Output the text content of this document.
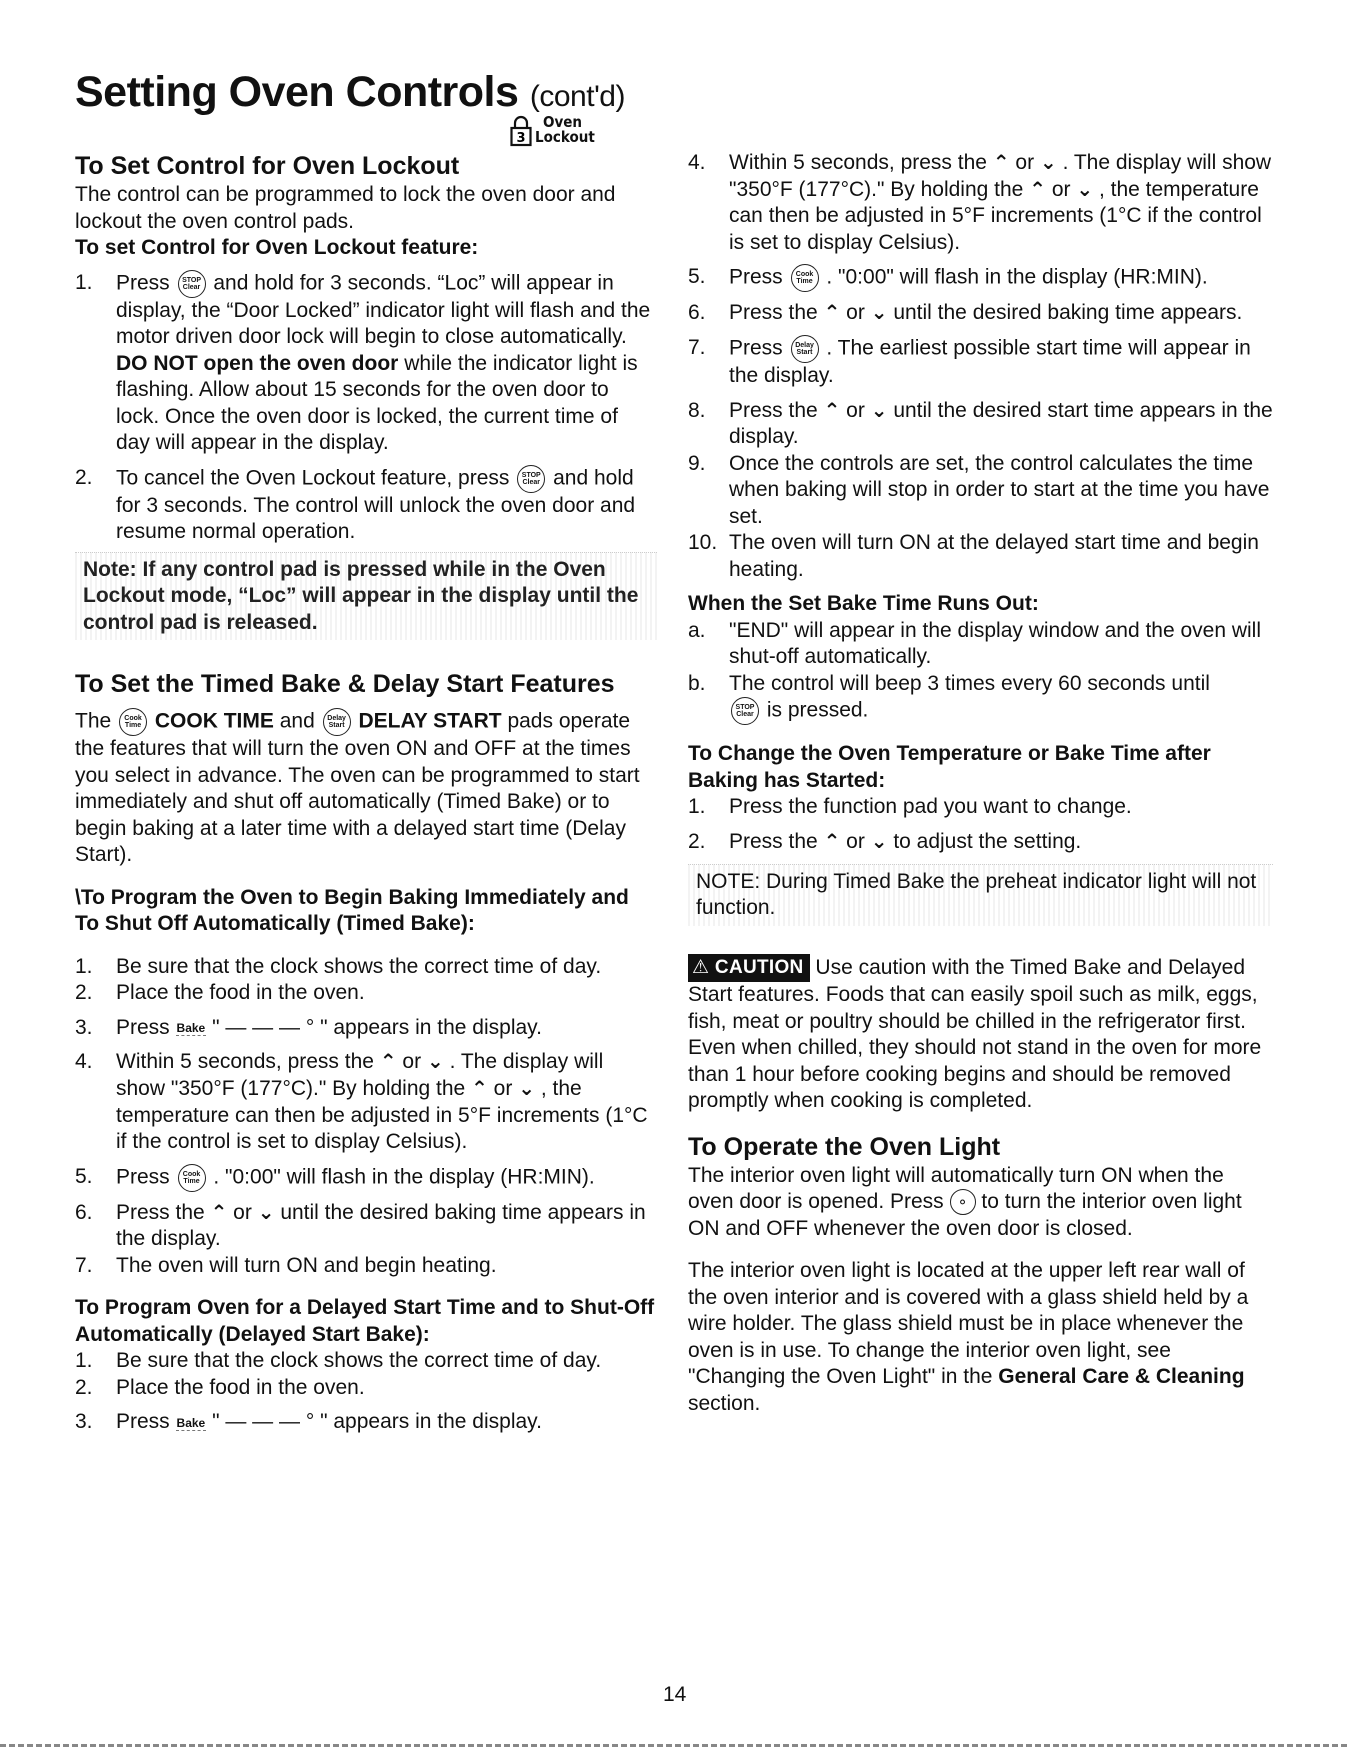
Setting Oven Controls (cont'd)
3
Oven
Lockout
To Set Control for Oven Lockout

The control can be programmed to lock the oven door and lockout the oven control pads.

To set Control for Oven Lockout feature:

1.	Press STOP
Clear and hold for 3 seconds. “Loc” will appear in display, the “Door Locked” indicator light will flash and the motor driven door lock will begin to close automatically. DO NOT open the oven door while the indicator light is flashing. Allow about 15 seconds for the oven door to lock. Once the oven door is locked, the current time of day will appear in the display.
2.	To cancel the Oven Lockout feature, press STOP
Clear and hold for 3 seconds. The control will unlock the oven door and resume normal operation.
Note: If any control pad is pressed while in the Oven Lockout mode, “Loc” will appear in the display until the control pad is released.
To Set the Timed Bake & Delay Start Features

The Cook
Time COOK TIME and Delay
Start DELAY START pads operate the features that will turn the oven ON and OFF at the times you select in advance. The oven can be programmed to start immediately and shut off automatically (Timed Bake) or to begin baking at a later time with a delayed start time (Delay Start).

\To Program the Oven to Begin Baking Immediately and To Shut Off Automatically (Timed Bake):

1.	Be sure that the clock shows the correct time of day.
2.	Place the food in the oven.
3.	Press Bake " — — — ° " appears in the display.
4.	Within 5 seconds, press the ⌃ or ⌄ . The display will show "350°F (177°C)." By holding the ⌃ or ⌄ , the temperature can then be adjusted in 5°F increments (1°C if the control is set to display Celsius).
5.	Press Cook
Time . "0:00" will flash in the display (HR:MIN).
6.	Press the ⌃ or ⌄ until the desired baking time appears in the display.
7.	The oven will turn ON and begin heating.

To Program Oven for a Delayed Start Time and to Shut-Off Automatically (Delayed Start Bake):

1.	Be sure that the clock shows the correct time of day.
2.	Place the food in the oven.
3.	Press Bake " — — — ° " appears in the display.
4.	Within 5 seconds, press the ⌃ or ⌄ . The display will show "350°F (177°C)." By holding the ⌃ or ⌄ , the temperature can then be adjusted in 5°F increments (1°C if the control is set to display Celsius).
5.	Press Cook
Time . "0:00" will flash in the display (HR:MIN).
6.	Press the ⌃ or ⌄ until the desired baking time appears.
7.	Press Delay
Start . The earliest possible start time will appear in the display.
8.	Press the ⌃ or ⌄ until the desired start time appears in the display.
9.	Once the controls are set, the control calculates the time when baking will stop in order to start at the time you have set.
10. The oven will turn ON at the delayed start time and begin heating.

When the Set Bake Time Runs Out:

a.	"END" will appear in the display window and the oven will shut-off automatically.
b.	The control will beep 3 times every 60 seconds until

STOP
Clear is pressed.

To Change the Oven Temperature or Bake Time after Baking has Started:

1.	Press the function pad you want to change.
2.	Press the ⌃ or ⌄ to adjust the setting.
NOTE: During Timed Bake the preheat indicator light will not function.

⚠ CAUTION Use caution with the Timed Bake and Delayed Start features. Foods that can easily spoil such as milk, eggs, fish, meat or poultry should be chilled in the refrigerator first. Even when chilled, they should not stand in the oven for more than 1 hour before cooking begins and should be removed promptly when cooking is completed.

To Operate the Oven Light

The interior oven light will automatically turn ON when the oven door is opened. Press ⚬ to turn the interior oven light ON and OFF whenever the oven door is closed.

The interior oven light is located at the upper left rear wall of the oven interior and is covered with a glass shield held by a wire holder. The glass shield must be in place whenever the oven is in use. To change the interior oven light, see "Changing the Oven Light" in the General Care & Cleaning section.

14
